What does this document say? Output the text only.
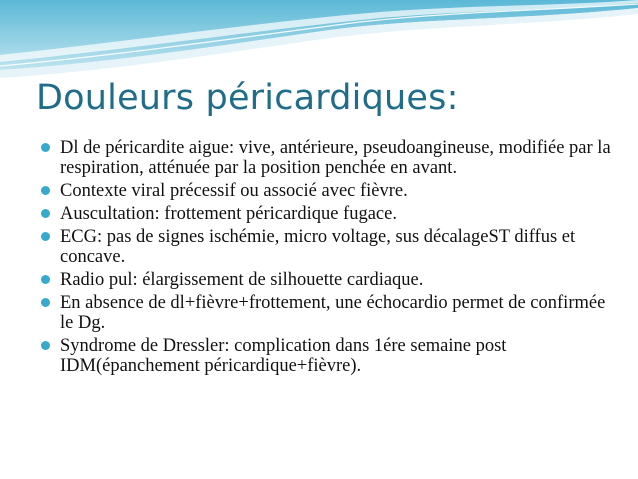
Douleurs péricardiques:
Dl de péricardite aigue: vive, antérieure, pseudoangineuse, modifiée par la respiration, atténuée par la position penchée en avant.
Contexte viral précessif ou associé avec fièvre.
Auscultation: frottement péricardique fugace.
ECG: pas de signes ischémie, micro voltage, sus décalageST diffus et concave.
Radio pul: élargissement de silhouette cardiaque.
En absence de dl+fièvre+frottement, une échocardio permet de confirmée le Dg.
Syndrome de Dressler: complication dans 1ére semaine post IDM(épanchement péricardique+fièvre).
